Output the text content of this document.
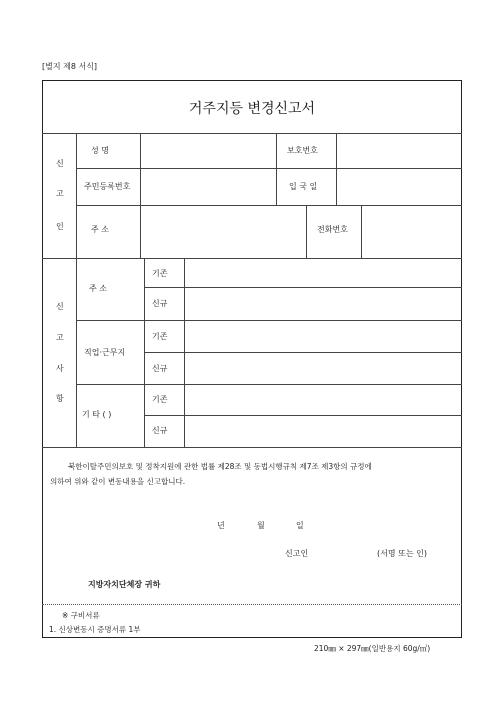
[별지 제8 서식]
거주지등 변경신고서
신
고
인
성 명	보호번호
주민등록번호	입 국 일
주 소	전화번호
신
고
사
항
주 소
기존
신규
직업·근무지
기존
신규
기 타 ( )
기존
신규
북한이탈주민의보호 및 정착지원에 관한 법률 제28조 및 동법시행규칙 제7조 제3항의 규정에
의하여 위와 같이 변동내용을 신고합니다.
년	월	일
신고인	(서명 또는 인)
지방자치단체장 귀하
※ 구비서류
1. 신상변동시 증명서류 1부
210㎜ × 297㎜(일반용지 60g/㎡)
